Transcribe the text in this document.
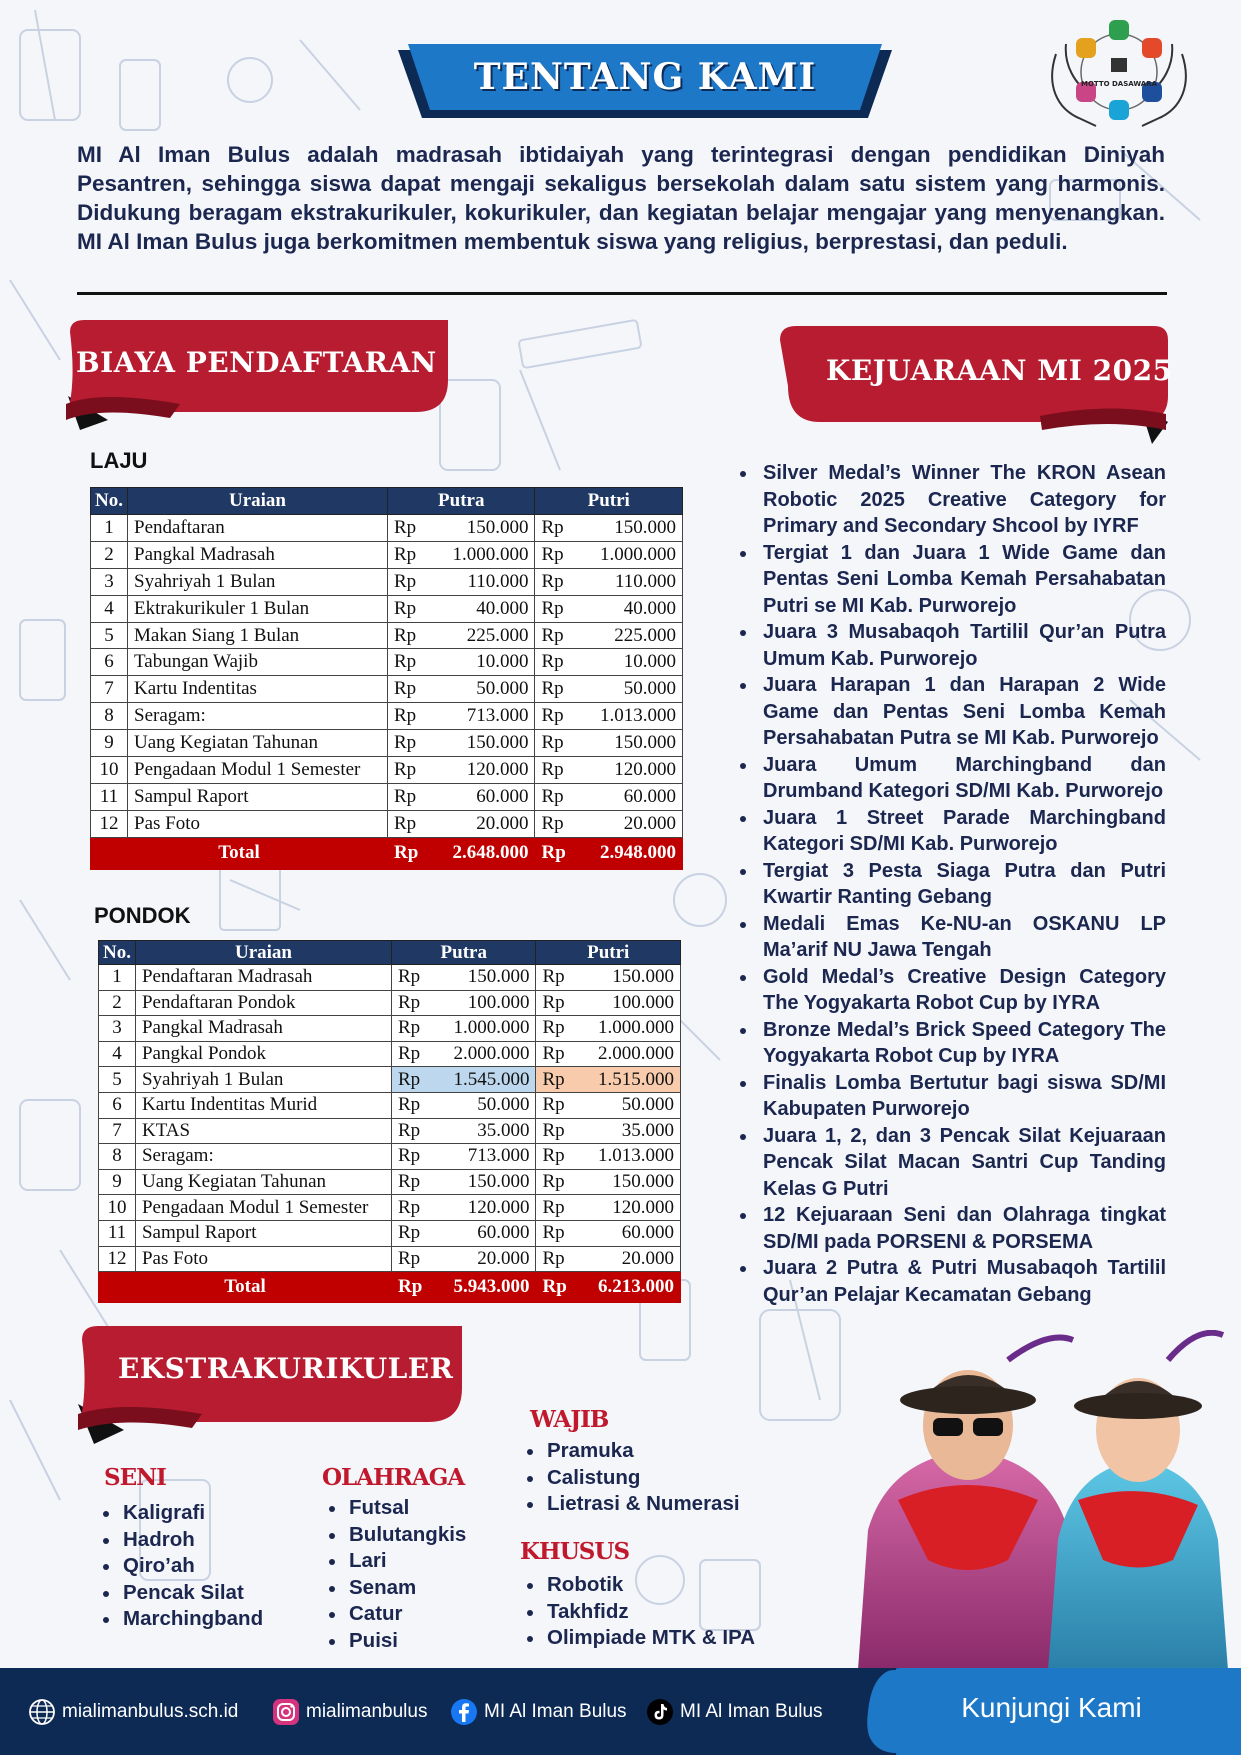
TENTANG KAMI	MOTTO DASAWARA

MI Al Iman Bulus adalah madrasah ibtidaiyah yang terintegrasi dengan pendidikan Diniyah Pesantren, sehingga siswa dapat mengaji sekaligus bersekolah dalam satu sistem yang harmonis. Didukung beragam ekstrakurikuler, kokurikuler, dan kegiatan belajar mengajar yang menyenangkan. MI Al Iman Bulus juga berkomitmen membentuk siswa yang religius, berprestasi, dan peduli.

BIAYA PENDAFTARAN	KEJUARAAN MI 2025
LAJU
No.	Uraian	Putra		Putri	
1	Pendaftaran	Rp	150.000	Rp	150.000
2	Pangkal Madrasah	Rp	1.000.000	Rp	1.000.000
3	Syahriyah 1 Bulan	Rp	110.000	Rp	110.000
4	Ektrakurikuler 1 Bulan	Rp	40.000	Rp	40.000
5	Makan Siang 1 Bulan	Rp	225.000	Rp	225.000
6	Tabungan Wajib	Rp	10.000	Rp	10.000
7	Kartu Indentitas	Rp	50.000	Rp	50.000
8	Seragam:	Rp	713.000	Rp	1.013.000
9	Uang Kegiatan Tahunan	Rp	150.000	Rp	150.000
10	Pengadaan Modul 1 Semester	Rp	120.000	Rp	120.000
11	Sampul Raport	Rp	60.000	Rp	60.000
12	Pas Foto	Rp	20.000	Rp	20.000
Total		Rp	2.648.000	Rp	2.948.000
PONDOK
No.	Uraian	Putra		Putri	
1	Pendaftaran Madrasah	Rp	150.000	Rp	150.000
2	Pendaftaran Pondok	Rp	100.000	Rp	100.000
3	Pangkal Madrasah	Rp	1.000.000	Rp	1.000.000
4	Pangkal Pondok	Rp	2.000.000	Rp	2.000.000
5	Syahriyah 1 Bulan	Rp	1.545.000	Rp	1.515.000
6	Kartu Indentitas Murid	Rp	50.000	Rp	50.000
7	KTAS	Rp	35.000	Rp	35.000
8	Seragam:	Rp	713.000	Rp	1.013.000
9	Uang Kegiatan Tahunan	Rp	150.000	Rp	150.000
10	Pengadaan Modul 1 Semester	Rp	120.000	Rp	120.000
11	Sampul Raport	Rp	60.000	Rp	60.000
12	Pas Foto	Rp	20.000	Rp	20.000
Total		Rp	5.943.000	Rp	6.213.000
Silver Medal’s Winner The KRON Asean Robotic 2025 Creative Category for Primary and Secondary Shcool by IYRF
Tergiat 1 dan Juara 1 Wide Game dan Pentas Seni Lomba Kemah Persahabatan Putri se MI Kab. Purworejo
Juara 3 Musabaqoh Tartilil Qur’an Putra Umum Kab. Purworejo
Juara Harapan 1 dan Harapan 2 Wide Game dan Pentas Seni Lomba Kemah Persahabatan Putra se MI Kab. Purworejo
Juara Umum Marchingband dan Drumband Kategori SD/MI Kab. Purworejo
Juara 1 Street Parade Marchingband Kategori SD/MI Kab. Purworejo
Tergiat 3 Pesta Siaga Putra dan Putri Kwartir Ranting Gebang
Medali Emas Ke-NU-an OSKANU LP Ma’arif NU Jawa Tengah
Gold Medal’s Creative Design Category The Yogyakarta Robot Cup by IYRA
Bronze Medal’s Brick Speed Category The Yogyakarta Robot Cup by IYRA
Finalis Lomba Bertutur bagi siswa SD/MI Kabupaten Purworejo
Juara 1, 2, dan 3 Pencak Silat Kejuaraan Pencak Silat Macan Santri Cup Tanding Kelas G Putri
12 Kejuaraan Seni dan Olahraga tingkat SD/MI pada PORSENI & PORSEMA
Juara 2 Putra & Putri Musabaqoh Tartilil Qur’an Pelajar Kecamatan Gebang
EKSTRAKURIKULER
SENI
Kaligrafi
Hadroh
Qiro’ah
Pencak Silat
Marchingband
OLAHRAGA
Futsal
Bulutangkis
Lari
Senam
Catur
Puisi
WAJIB
Pramuka
Calistung
Lietrasi & Numerasi
KHUSUS
Robotik
Takhfidz
Olimpiade MTK & IPA
mialimanbulus.sch.id	mialimanbulus	MI Al Iman Bulus	MI Al Iman Bulus	Kunjungi Kami
